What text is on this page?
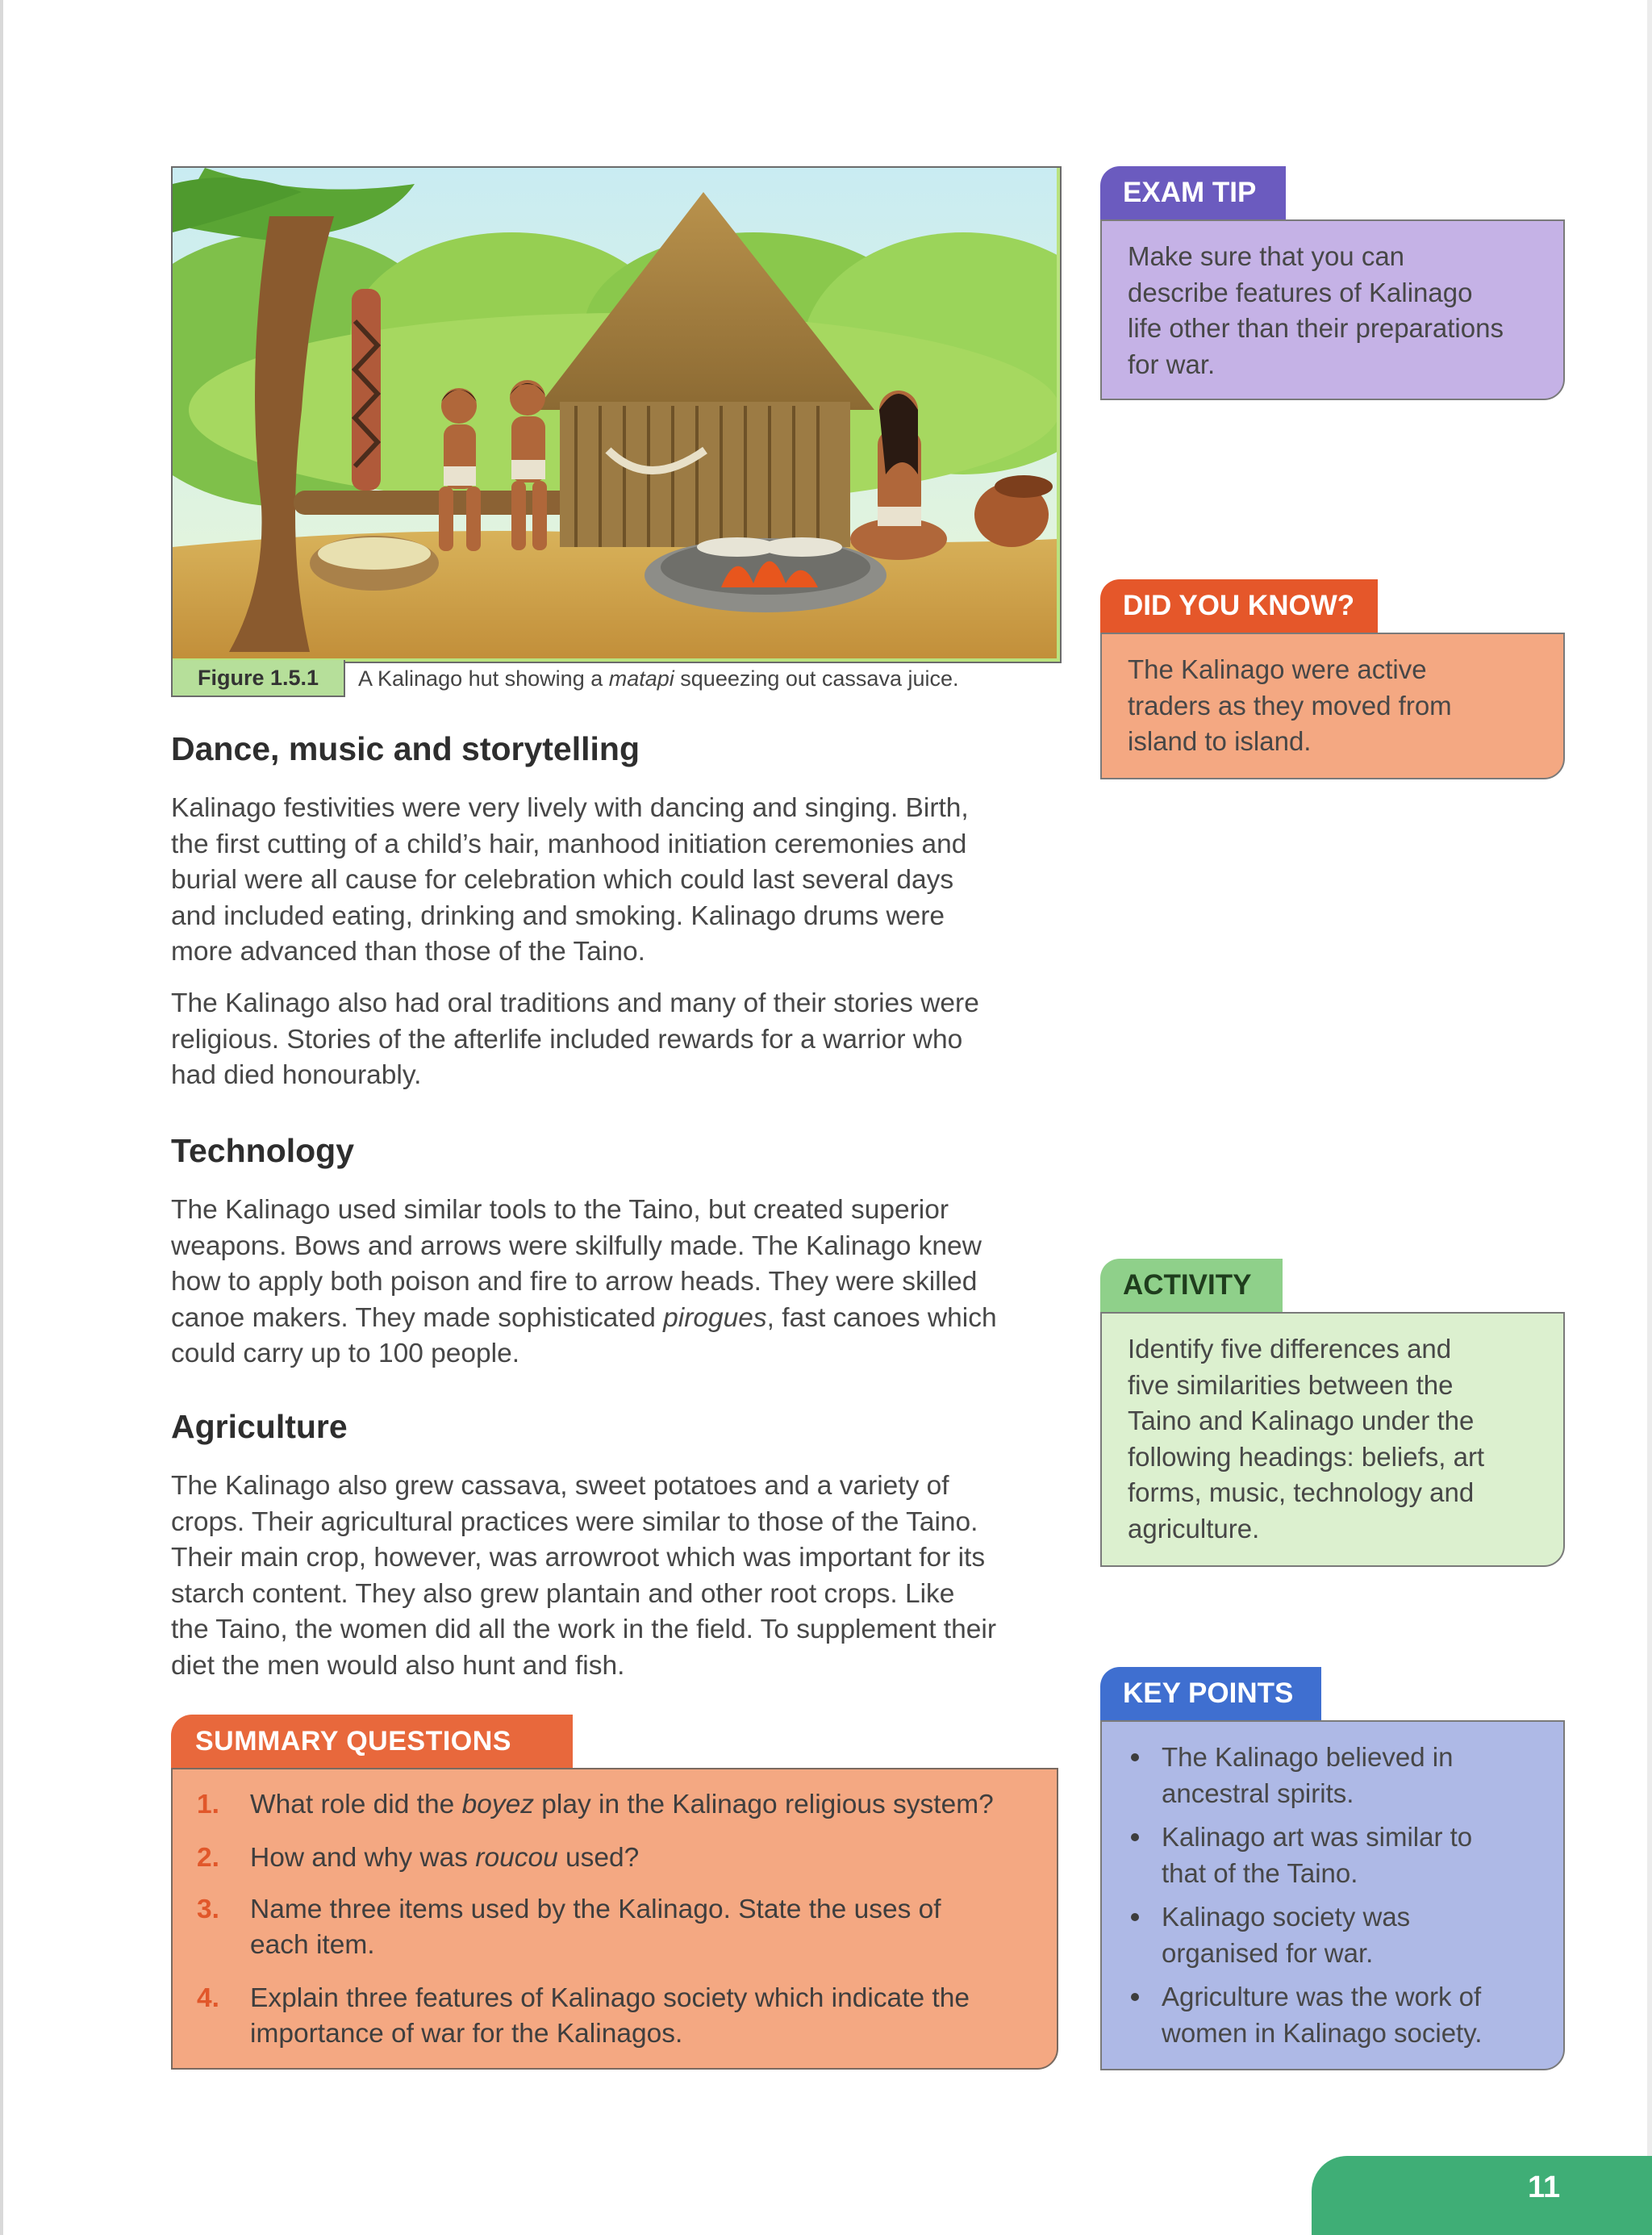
Figure 1.5.1	A Kalinago hut showing a matapi squeezing out cassava juice.
Dance, music and storytelling
Kalinago festivities were very lively with dancing and singing. Birth,
the first cutting of a child’s hair, manhood initiation ceremonies and
burial were all cause for celebration which could last several days
and included eating, drinking and smoking. Kalinago drums were
more advanced than those of the Taino.
The Kalinago also had oral traditions and many of their stories were
religious. Stories of the afterlife included rewards for a warrior who
had died honourably.
Technology
The Kalinago used similar tools to the Taino, but created superior
weapons. Bows and arrows were skilfully made. The Kalinago knew
how to apply both poison and fire to arrow heads. They were skilled
canoe makers. They made sophisticated pirogues, fast canoes which
could carry up to 100 people.
Agriculture
The Kalinago also grew cassava, sweet potatoes and a variety of
crops. Their agricultural practices were similar to those of the Taino.
Their main crop, however, was arrowroot which was important for its
starch content. They also grew plantain and other root crops. Like
the Taino, the women did all the work in the field. To supplement their
diet the men would also hunt and fish.
SUMMARY QUESTIONS
1. What role did the boyez play in the Kalinago religious system?
2. How and why was roucou used?
3. Name three items used by the Kalinago. State the uses of
each item.
4. Explain three features of Kalinago society which indicate the
importance of war for the Kalinagos.
EXAM TIP
Make sure that you can
describe features of Kalinago
life other than their preparations
for war.
DID YOU KNOW?
The Kalinago were active
traders as they moved from
island to island.
ACTIVITY
Identify five differences and
five similarities between the
Taino and Kalinago under the
following headings: beliefs, art
forms, music, technology and
agriculture.
KEY POINTS
The Kalinago believed in
ancestral spirits.
Kalinago art was similar to
that of the Taino.
Kalinago society was
organised for war.
Agriculture was the work of
women in Kalinago society.
11
